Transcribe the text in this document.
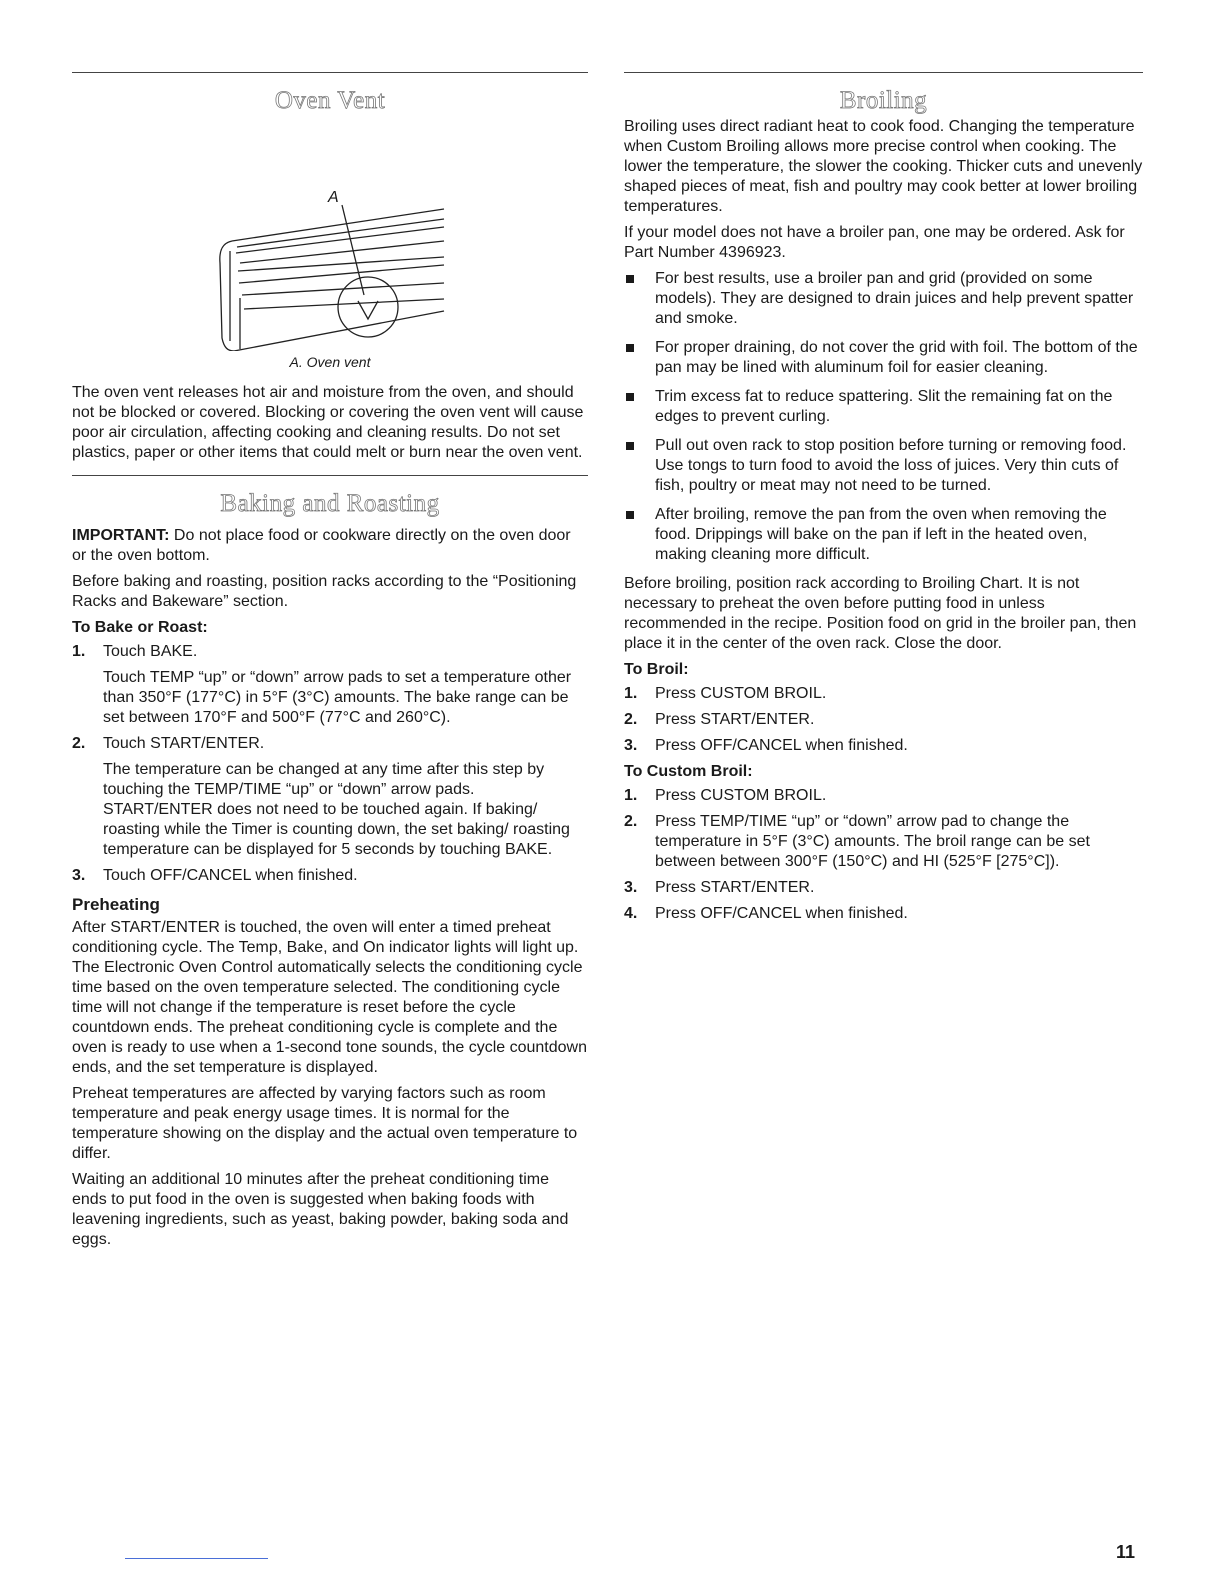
Oven Vent
A
A. Oven vent

The oven vent releases hot air and moisture from the oven, and should not be blocked or covered. Blocking or covering the oven vent will cause poor air circulation, affecting cooking and cleaning results. Do not set plastics, paper or other items that could melt or burn near the oven vent.

Baking and Roasting

IMPORTANT: Do not place food or cookware directly on the oven door or the oven bottom.

Before baking and roasting, position racks according to the “Positioning Racks and Bakeware” section.

To Bake or Roast:
1. Touch BAKE.
Touch TEMP “up” or “down” arrow pads to set a temperature other than 350°F (177°C) in 5°F (3°C) amounts. The bake range can be set between 170°F and 500°F (77°C and 260°C).
2. Touch START/ENTER.
The temperature can be changed at any time after this step by touching the TEMP/TIME “up” or “down” arrow pads. START/ENTER does not need to be touched again. If baking/ roasting while the Timer is counting down, the set baking/ roasting temperature can be displayed for 5 seconds by touching BAKE.
3. Touch OFF/CANCEL when finished.
Preheating

After START/ENTER is touched, the oven will enter a timed preheat conditioning cycle. The Temp, Bake, and On indicator lights will light up. The Electronic Oven Control automatically selects the conditioning cycle time based on the oven temperature selected. The conditioning cycle time will not change if the temperature is reset before the cycle countdown ends. The preheat conditioning cycle is complete and the oven is ready to use when a 1-second tone sounds, the cycle countdown ends, and the set temperature is displayed.

Preheat temperatures are affected by varying factors such as room temperature and peak energy usage times. It is normal for the temperature showing on the display and the actual oven temperature to differ.

Waiting an additional 10 minutes after the preheat conditioning time ends to put food in the oven is suggested when baking foods with leavening ingredients, such as yeast, baking powder, baking soda and eggs.

Broiling

Broiling uses direct radiant heat to cook food. Changing the temperature when Custom Broiling allows more precise control when cooking. The lower the temperature, the slower the cooking. Thicker cuts and unevenly shaped pieces of meat, fish and poultry may cook better at lower broiling temperatures.

If your model does not have a broiler pan, one may be ordered. Ask for Part Number 4396923.

For best results, use a broiler pan and grid (provided on some models). They are designed to drain juices and help prevent spatter and smoke.
For proper draining, do not cover the grid with foil. The bottom of the pan may be lined with aluminum foil for easier cleaning.
Trim excess fat to reduce spattering. Slit the remaining fat on the edges to prevent curling.
Pull out oven rack to stop position before turning or removing food. Use tongs to turn food to avoid the loss of juices. Very thin cuts of fish, poultry or meat may not need to be turned.
After broiling, remove the pan from the oven when removing the food. Drippings will bake on the pan if left in the heated oven, making cleaning more difficult.

Before broiling, position rack according to Broiling Chart. It is not necessary to preheat the oven before putting food in unless recommended in the recipe. Position food on grid in the broiler pan, then place it in the center of the oven rack. Close the door.

To Broil:
1. Press CUSTOM BROIL.
2. Press START/ENTER.
3. Press OFF/CANCEL when finished.
To Custom Broil:
1. Press CUSTOM BROIL.
2. Press TEMP/TIME “up” or “down” arrow pad to change the temperature in 5°F (3°C) amounts. The broil range can be set between between 300°F (150°C) and HI (525°F [275°C]).
3. Press START/ENTER.
4. Press OFF/CANCEL when finished.
11
